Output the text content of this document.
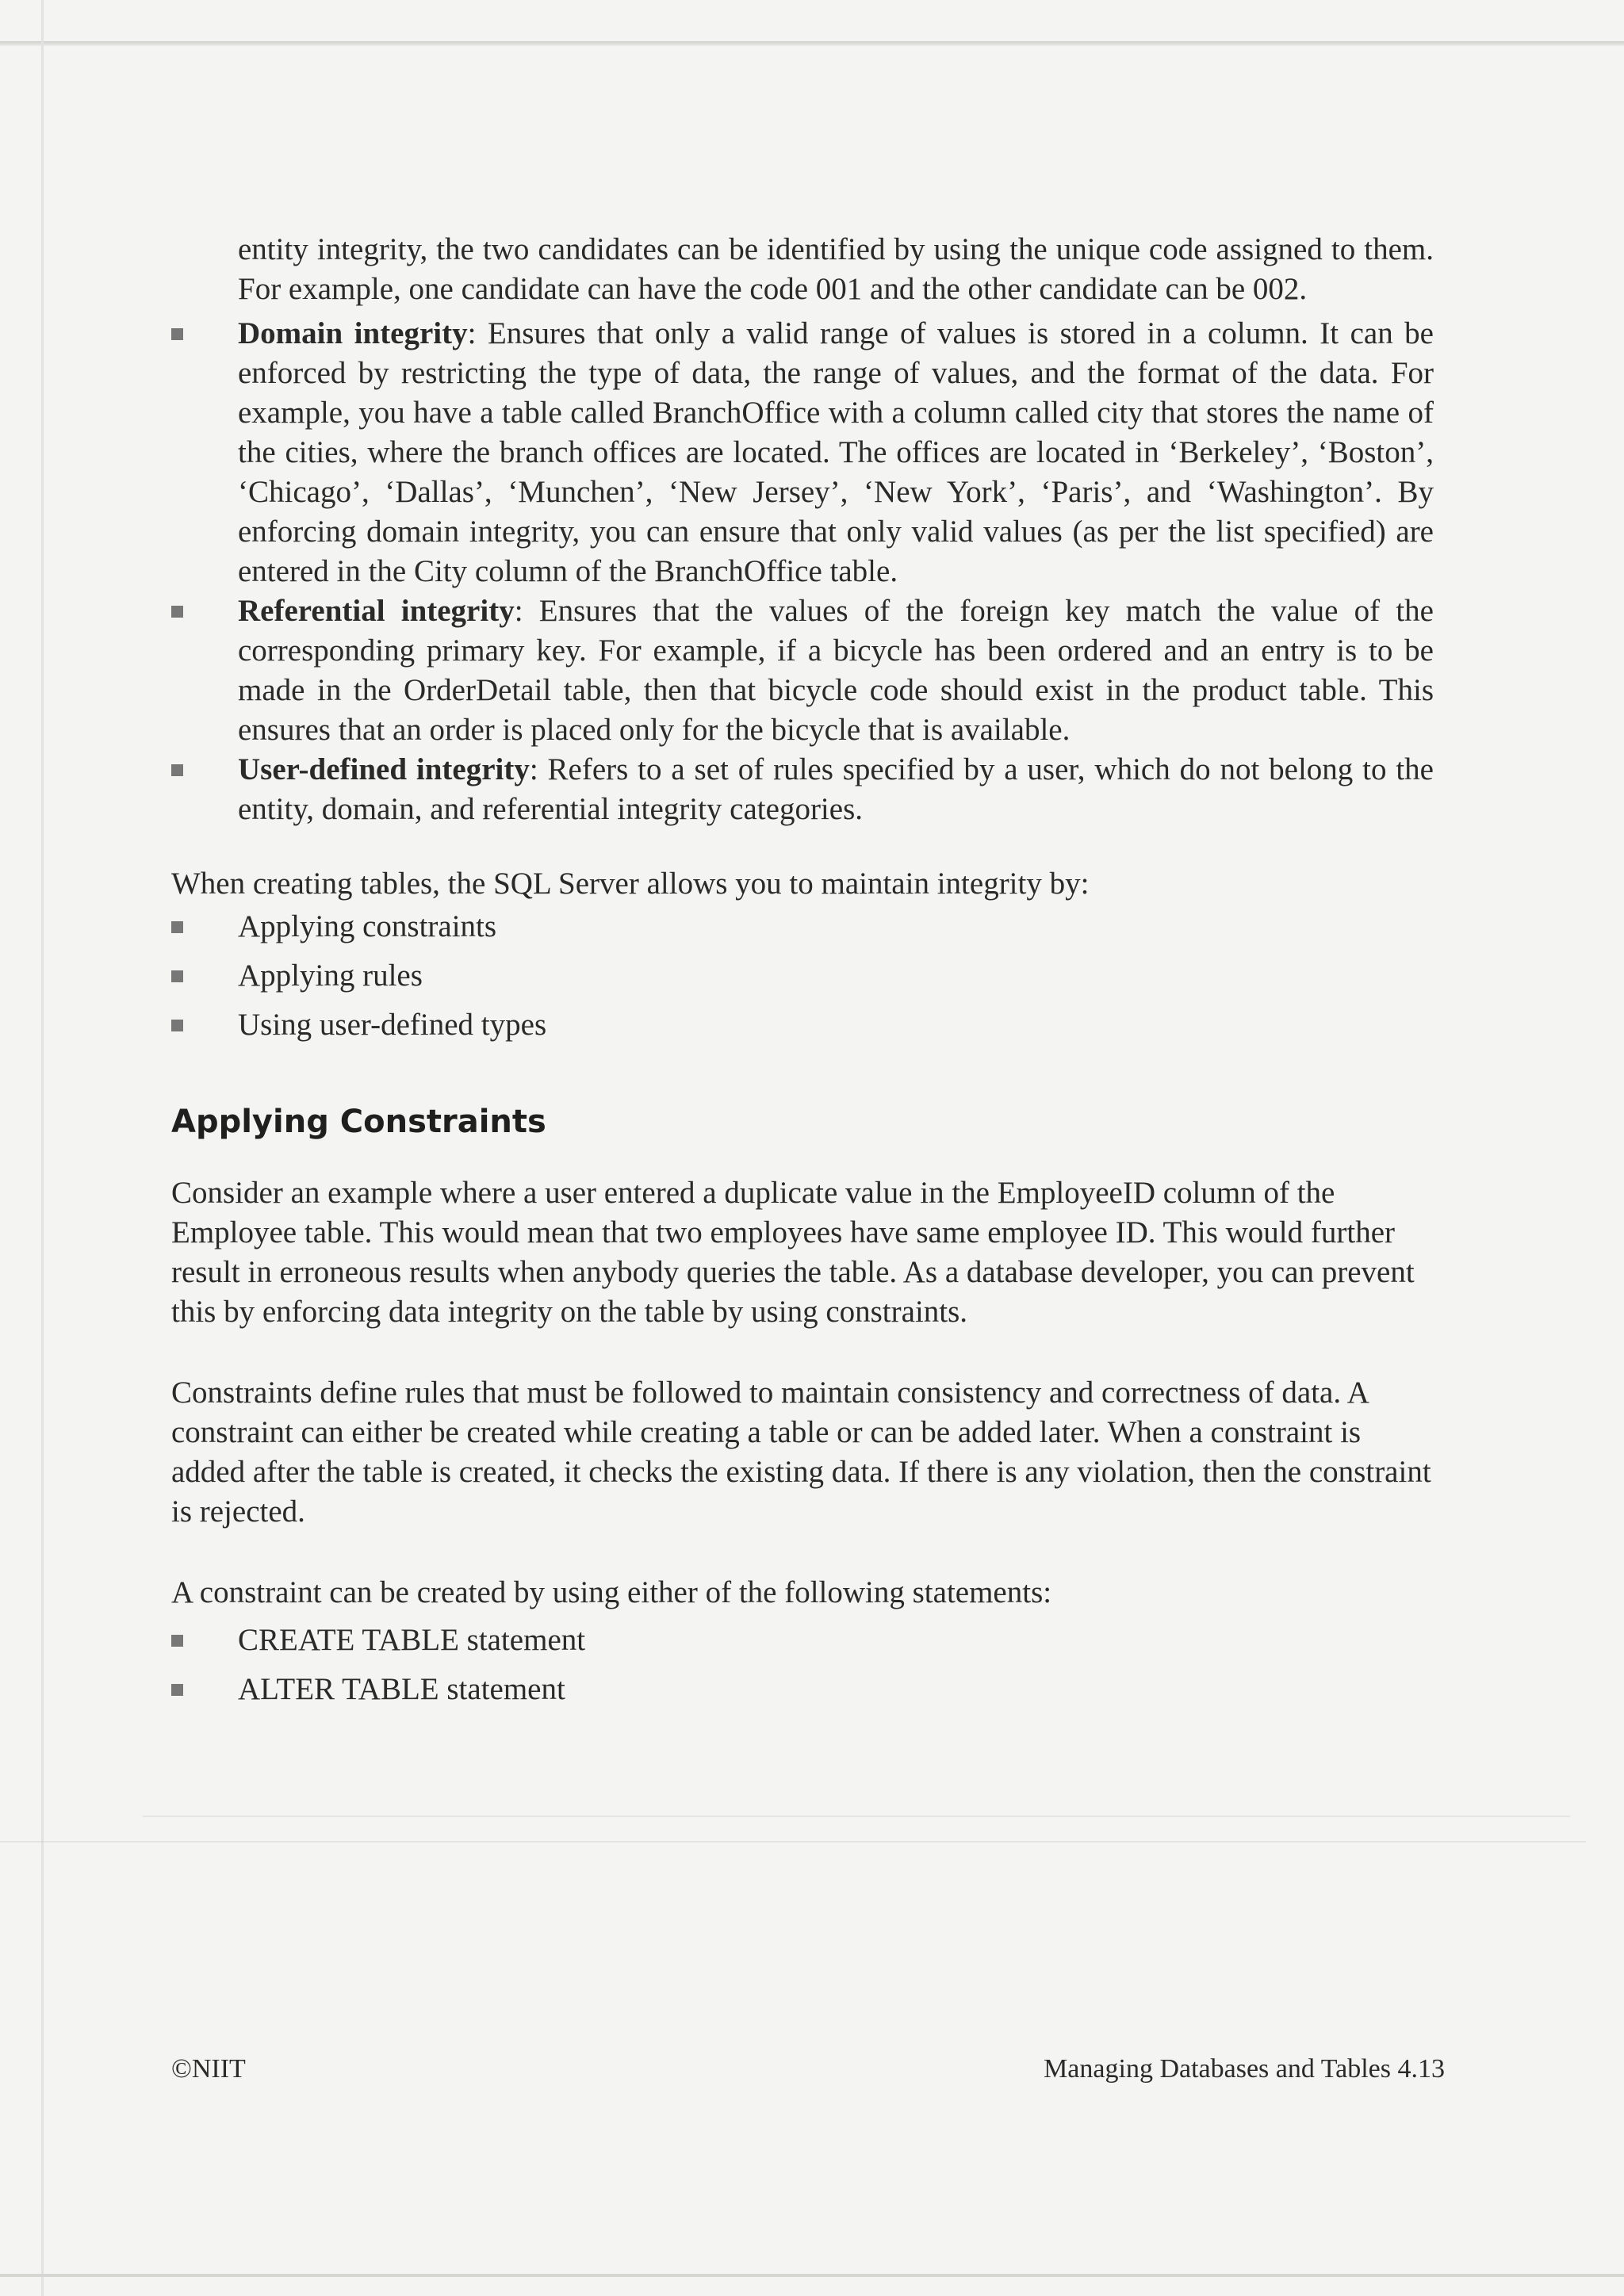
entity integrity, the two candidates can be identified by using the unique code assigned to them. For example, one candidate can have the code 001 and the other candidate can be 002.

Domain integrity: Ensures that only a valid range of values is stored in a column. It can be enforced by restricting the type of data, the range of values, and the format of the data. For example, you have a table called BranchOffice with a column called city that stores the name of the cities, where the branch offices are located. The offices are located in ‘Berkeley’, ‘Boston’, ‘Chicago’, ‘Dallas’, ‘Munchen’, ‘New Jersey’, ‘New York’, ‘Paris’, and ‘Washington’. By enforcing domain integrity, you can ensure that only valid values (as per the list specified) are entered in the City column of the BranchOffice table.
Referential integrity: Ensures that the values of the foreign key match the value of the corresponding primary key. For example, if a bicycle has been ordered and an entry is to be made in the OrderDetail table, then that bicycle code should exist in the product table. This ensures that an order is placed only for the bicycle that is available.
User-defined integrity: Refers to a set of rules specified by a user, which do not belong to the entity, domain, and referential integrity categories.

When creating tables, the SQL Server allows you to maintain integrity by:

Applying constraints
Applying rules
Using user-defined types
Applying Constraints

Consider an example where a user entered a duplicate value in the EmployeeID column of the Employee table. This would mean that two employees have same employee ID. This would further result in erroneous results when anybody queries the table. As a database developer, you can prevent this by enforcing data integrity on the table by using constraints.

Constraints define rules that must be followed to maintain consistency and correctness of data. A constraint can either be created while creating a table or can be added later. When a constraint is added after the table is created, it checks the existing data. If there is any violation, then the constraint is rejected.

A constraint can be created by using either of the following statements:

CREATE TABLE statement
ALTER TABLE statement
©NIIT	Managing Databases and Tables 4.13
